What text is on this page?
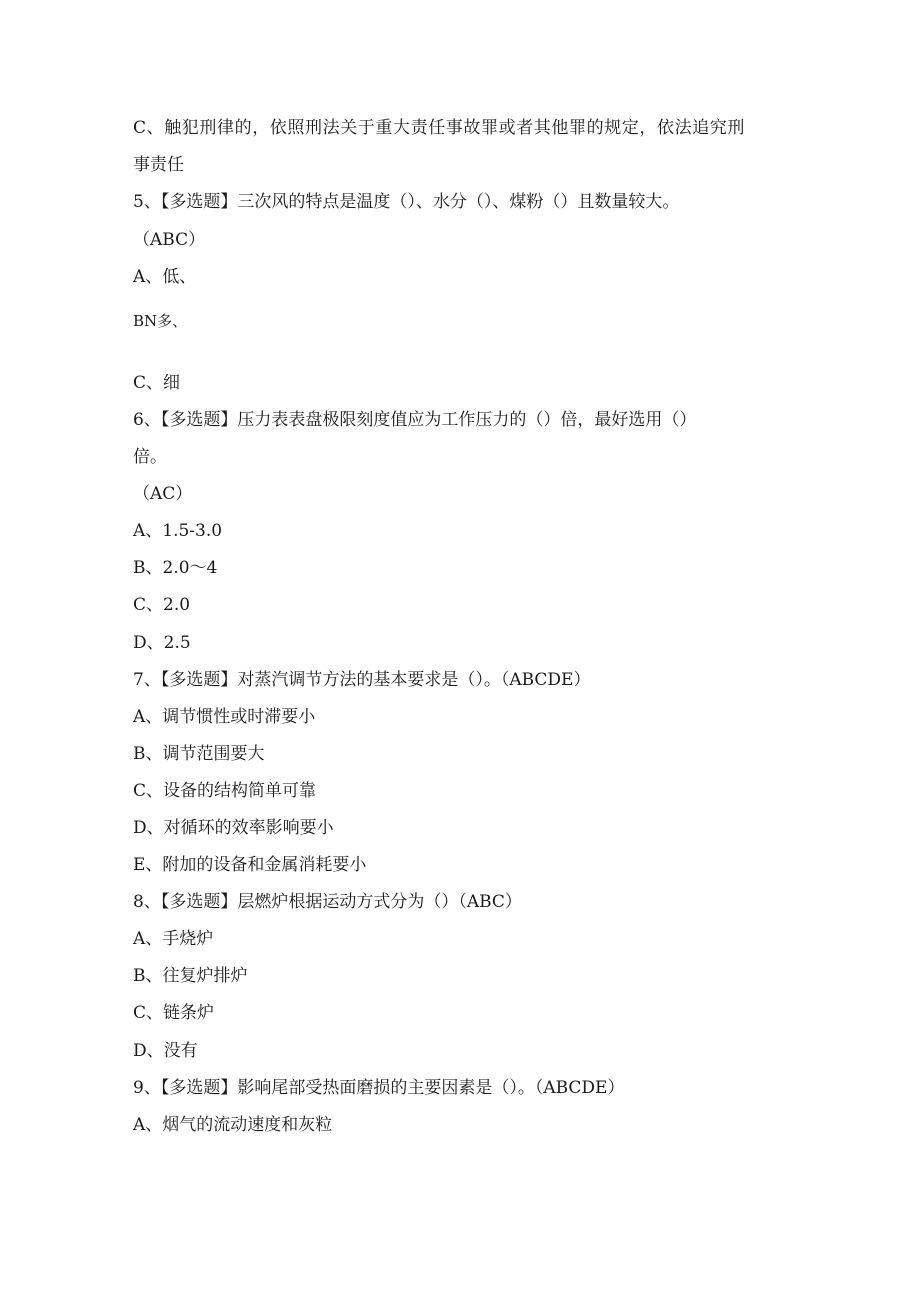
C、触犯刑律的，依照刑法关于重大责任事故罪或者其他罪的规定，依法追究刑
事责任
5、【多选题】三次风的特点是温度（）、水分（）、煤粉（）且数量较大。
（ABC）
A、低、
BN多、
C、细
6、【多选题】压力表表盘极限刻度值应为工作压力的（）倍，最好选用（）
倍。
（AC）
A、1.5-3.0
B、2.0～4
C、2.0
D、2.5
7、【多选题】对蒸汽调节方法的基本要求是（）。（ABCDE）
A、调节惯性或时滞要小
B、调节范围要大
C、设备的结构简单可靠
D、对循环的效率影响要小
E、附加的设备和金属消耗要小
8、【多选题】层燃炉根据运动方式分为（）（ABC）
A、手烧炉
B、往复炉排炉
C、链条炉
D、没有
9、【多选题】影响尾部受热面磨损的主要因素是（）。（ABCDE）
A、烟气的流动速度和灰粒
